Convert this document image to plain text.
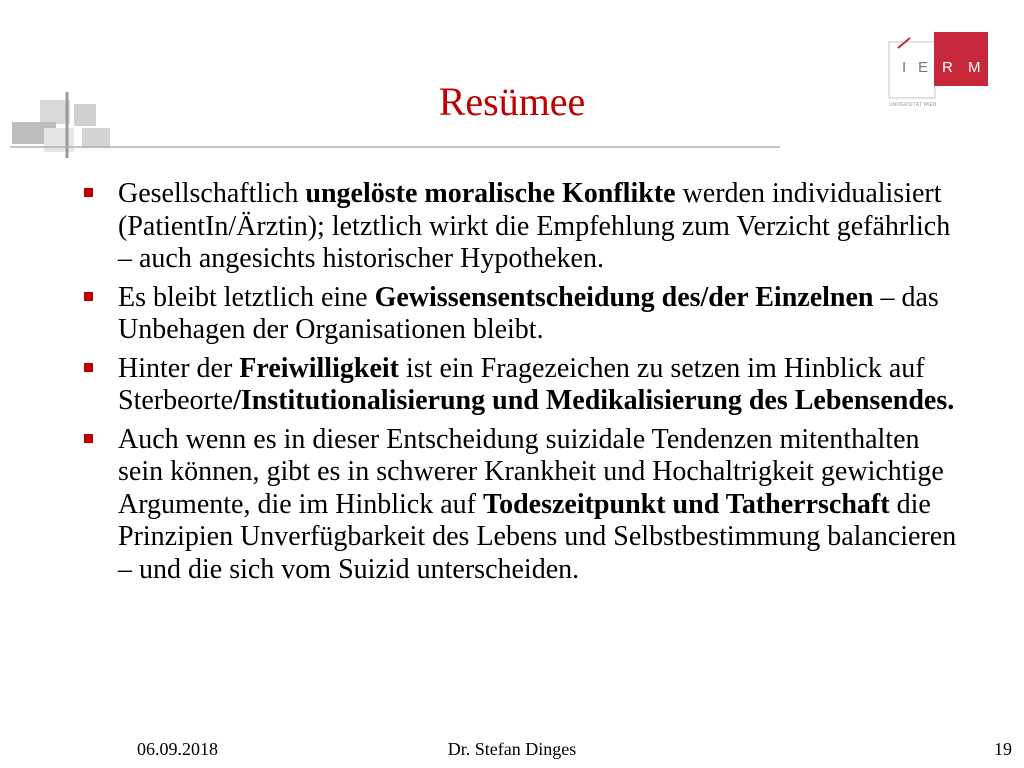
Resümee
I E R M
UNIVERSITÄT WIEN
Gesellschaftlich ungelöste moralische Konflikte werden individualisiert (PatientIn/Ärztin); letztlich wirkt die Empfehlung zum Verzicht gefährlich – auch angesichts historischer Hypotheken.
Es bleibt letztlich eine Gewissensentscheidung des/der Einzelnen – das Unbehagen der Organisationen bleibt.
Hinter der Freiwilligkeit ist ein Fragezeichen zu setzen im Hinblick auf Sterbeorte/Institutionalisierung und Medikalisierung des Lebensendes.
Auch wenn es in dieser Entscheidung suizidale Tendenzen mitenthalten sein können, gibt es in schwerer Krankheit und Hochaltrigkeit gewichtige Argumente, die im Hinblick auf Todeszeitpunkt und Tatherrschaft die Prinzipien Unverfügbarkeit des Lebens und Selbstbestimmung balancieren – und die sich vom Suizid unterscheiden.
06.09.2018	Dr. Stefan Dinges	19
